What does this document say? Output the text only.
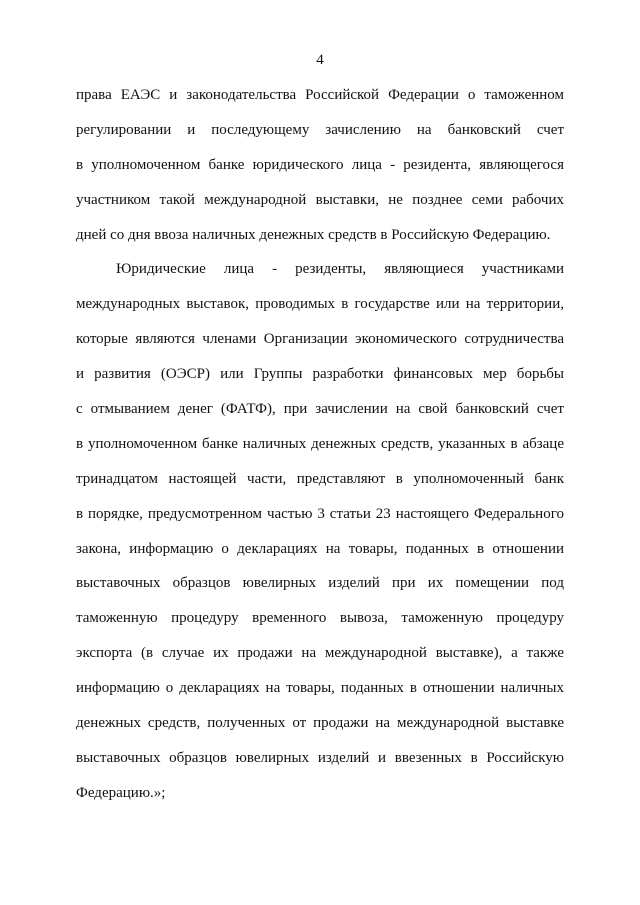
4
права ЕАЭС и законодательства Российской Федерации о таможенном
регулировании и последующему зачислению на банковский счет
в уполномоченном банке юридического лица - резидента, являющегося
участником такой международной выставки, не позднее семи рабочих
дней со дня ввоза наличных денежных средств в Российскую Федерацию.
Юридические лица - резиденты, являющиеся участниками
международных выставок, проводимых в государстве или на территории,
которые являются членами Организации экономического сотрудничества
и развития (ОЭСР) или Группы разработки финансовых мер борьбы
с отмыванием денег (ФАТФ), при зачислении на свой банковский счет
в уполномоченном банке наличных денежных средств, указанных в абзаце
тринадцатом настоящей части, представляют в уполномоченный банк
в порядке, предусмотренном частью 3 статьи 23 настоящего Федерального
закона, информацию о декларациях на товары, поданных в отношении
выставочных образцов ювелирных изделий при их помещении под
таможенную процедуру временного вывоза, таможенную процедуру
экспорта (в случае их продажи на международной выставке), а также
информацию о декларациях на товары, поданных в отношении наличных
денежных средств, полученных от продажи на международной выставке
выставочных образцов ювелирных изделий и ввезенных в Российскую
Федерацию.»;
